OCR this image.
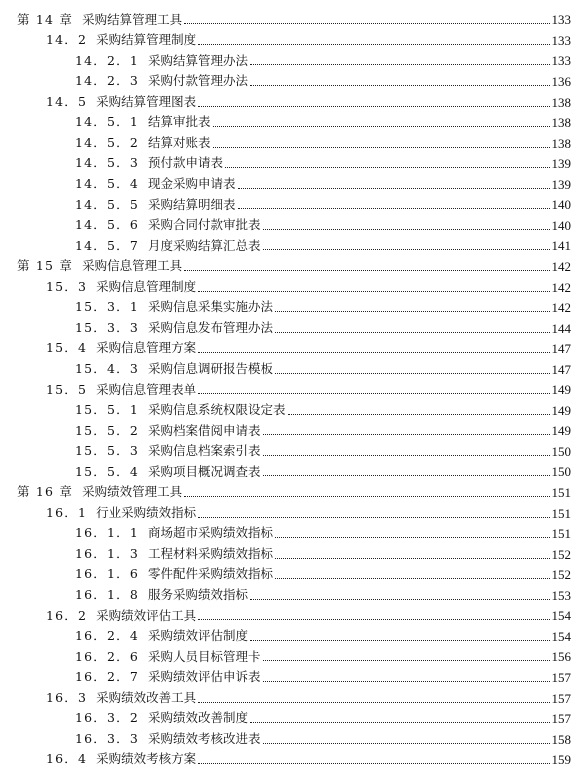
第 14 章 采购结算管理工具	133
14．2 采购结算管理制度	133
14．2．1 采购结算管理办法	133
14．2．3 采购付款管理办法	136
14．5 采购结算管理图表	138
14．5．1 结算审批表	138
14．5．2 结算对账表	138
14．5．3 预付款申请表	139
14．5．4 现金采购申请表	139
14．5．5 采购结算明细表	140
14．5．6 采购合同付款审批表	140
14．5．7 月度采购结算汇总表	141
第 15 章 采购信息管理工具	142
15．3 采购信息管理制度	142
15．3．1 采购信息采集实施办法	142
15．3．3 采购信息发布管理办法	144
15．4 采购信息管理方案	147
15．4．3 采购信息调研报告模板	147
15．5 采购信息管理表单	149
15．5．1 采购信息系统权限设定表	149
15．5．2 采购档案借阅申请表	149
15．5．3 采购信息档案索引表	150
15．5．4 采购项目概况调查表	150
第 16 章 采购绩效管理工具	151
16．1 行业采购绩效指标	151
16．1．1 商场超市采购绩效指标	151
16．1．3 工程材料采购绩效指标	152
16．1．6 零件配件采购绩效指标	152
16．1．8 服务采购绩效指标	153
16．2 采购绩效评估工具	154
16．2．4 采购绩效评估制度	154
16．2．6 采购人员目标管理卡	156
16．2．7 采购绩效评估申诉表	157
16．3 采购绩效改善工具	157
16．3．2 采购绩效改善制度	157
16．3．3 采购绩效考核改进表	158
16．4 采购绩效考核方案	159
